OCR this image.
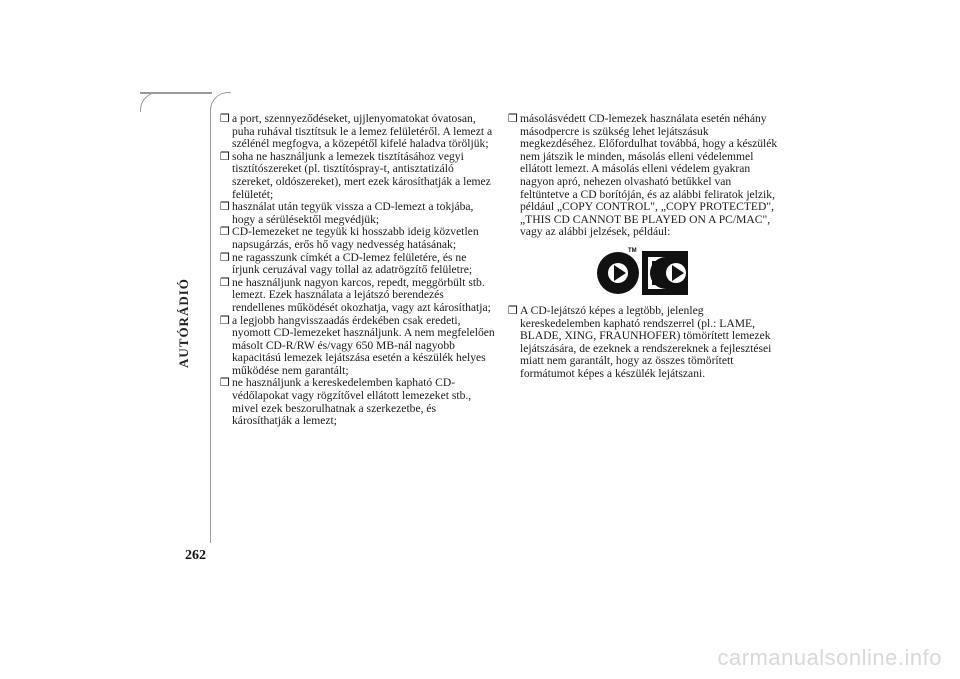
AUTÓRÁDIÓ
262
❒ a port, szennyeződéseket, ujjlenyomatokat óvatosan, puha ruhával tisztítsuk le a lemez felületéről. A lemezt a szélénél megfogva, a közepétől kifelé haladva töröljük;
❒ soha ne használjunk a lemezek tisztításához vegyi tisztítószereket (pl. tisztítóspray-t, antisztatizáló szereket, oldószereket), mert ezek károsíthatják a lemez felületét;
❒ használat után tegyük vissza a CD-lemezt a tokjába, hogy a sérülésektől megvédjük;
❒ CD-lemezeket ne tegyük ki hosszabb ideig közvetlen napsugárzás, erős hő vagy nedvesség hatásának;
❒ ne ragasszunk címkét a CD-lemez felületére, és ne írjunk ceruzával vagy tollal az adatrögzítő felületre;
❒ ne használjunk nagyon karcos, repedt, meggörbült stb. lemezt. Ezek használata a lejátszó berendezés rendellenes működését okozhatja, vagy azt károsíthatja;
❒ a legjobb hangvisszaadás érdekében csak eredeti, nyomott CD-lemezeket használjunk. A nem megfelelően másolt CD-R/RW és/vagy 650 MB-nál nagyobb kapacitású lemezek lejátszása esetén a készülék helyes működése nem garantált;
❒ ne használjunk a kereskedelemben kapható CD-védőlapokat vagy rögzítővel ellátott lemezeket stb., mivel ezek beszorulhatnak a szerkezetbe, és károsíthatják a lemezt;
❒ másolásvédett CD-lemezek használata esetén néhány másodpercre is szükség lehet lejátszásuk megkezdéséhez. Előfordulhat továbbá, hogy a készülék nem játszik le minden, másolás elleni védelemmel ellátott lemezt. A másolás elleni védelem gyakran nagyon apró, nehezen olvasható betűkkel van feltüntetve a CD borítóján, és az alábbi feliratok jelzik, például „COPY CONTROL", „COPY PROTECTED", „THIS CD CANNOT BE PLAYED ON A PC/MAC", vagy az alábbi jelzések, például:
TM
❒ A CD-lejátszó képes a legtöbb, jelenleg kereskedelemben kapható rendszerrel (pl.: LAME, BLADE, XING, FRAUNHOFER) tömörített lemezek lejátszására, de ezeknek a rendszereknek a fejlesztései miatt nem garantált, hogy az összes tömörített formátumot képes a készülék lejátszani.
carmanualsonline.info
